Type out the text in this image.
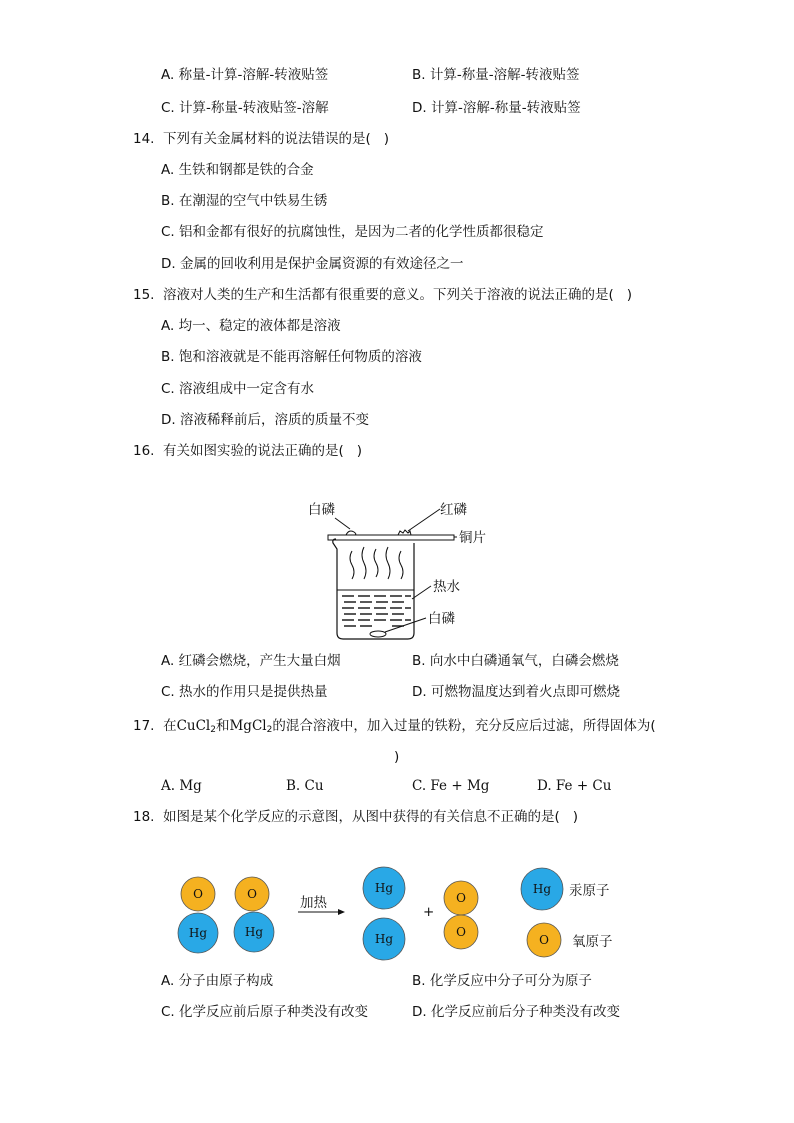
A. 称量-计算-溶解-转液贴签	B. 计算-称量-溶解-转液贴签
C. 计算-称量-转液贴签-溶解	D. 计算-溶解-称量-转液贴签
14.  下列有关金属材料的说法错误的是(   )
A. 生铁和钢都是铁的合金
B. 在潮湿的空气中铁易生锈
C. 铝和金都有很好的抗腐蚀性，是因为二者的化学性质都很稳定
D. 金属的回收利用是保护金属资源的有效途径之一
15.  溶液对人类的生产和生活都有很重要的意义。下列关于溶液的说法正确的是(   )
A. 均一、稳定的液体都是溶液
B. 饱和溶液就是不能再溶解任何物质的溶液
C. 溶液组成中一定含有水
D. 溶液稀释前后，溶质的质量不变
16.  有关如图实验的说法正确的是(   )
白磷	红磷
铜片
热水
白磷
A. 红磷会燃烧，产生大量白烟	B. 向水中白磷通氧气，白磷会燃烧
C. 热水的作用只是提供热量	D. 可燃物温度达到着火点即可燃烧
17. 在CuCl$_2$和MgCl$_2$的混合溶液中，加入过量的铁粉，充分反应后过滤，所得固体为(
)
A. Mg	B. Cu	C. Fe + Mg	D. Fe + Cu
18.  如图是某个化学反应的示意图，从图中获得的有关信息不正确的是(   )
O
Hg
O
Hg
加热
Hg
Hg
+
O
O
Hg 汞原子
O 氧原子
A. 分子由原子构成	B. 化学反应中分子可分为原子
C. 化学反应前后原子种类没有改变	D. 化学反应前后分子种类没有改变
